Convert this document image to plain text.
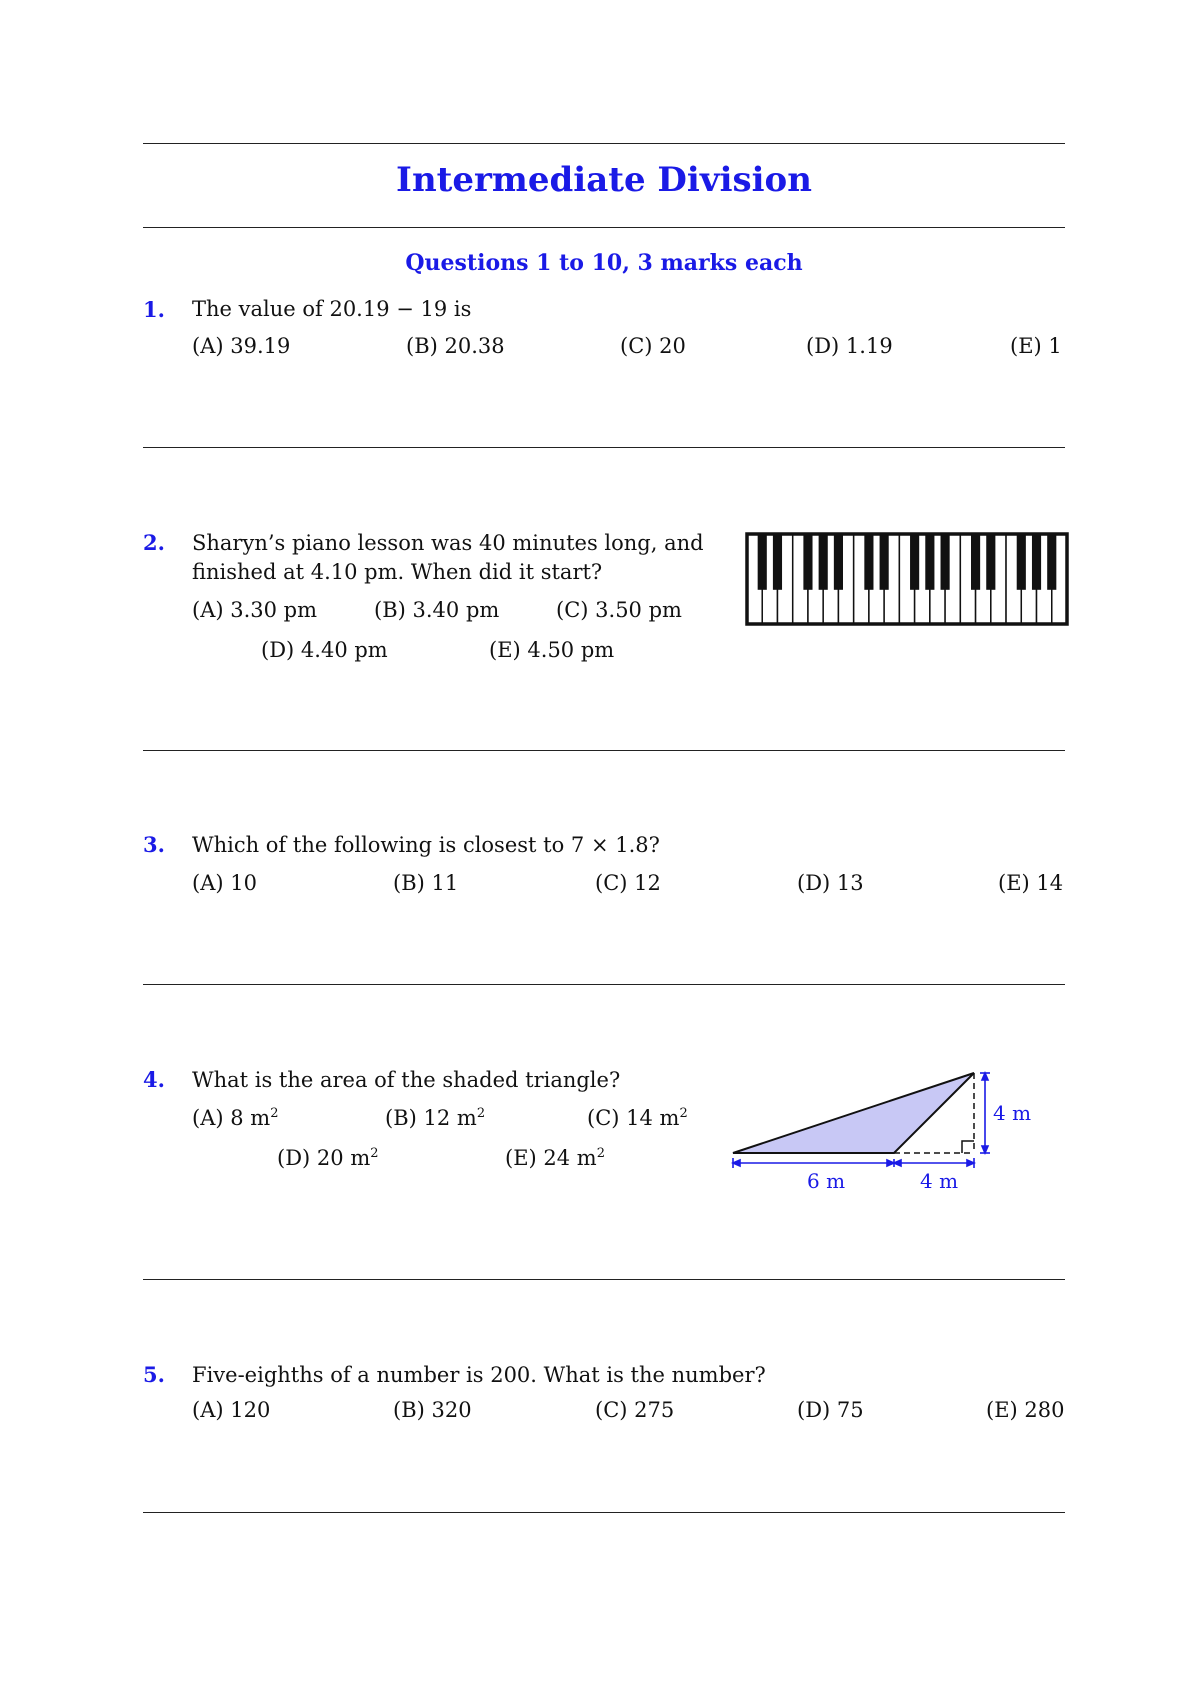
Intermediate Division
Questions 1 to 10, 3 marks each
1. The value of 20.19 − 19 is
(A) 39.19	(B) 20.38	(C) 20	(D) 1.19	(E) 1
2. Sharyn’s piano lesson was 40 minutes long, and
finished at 4.10 pm. When did it start?
(A) 3.30 pm	(B) 3.40 pm	(C) 3.50 pm
(D) 4.40 pm	(E) 4.50 pm
3. Which of the following is closest to 7 × 1.8?
(A) 10	(B) 11	(C) 12	(D) 13	(E) 14
4. What is the area of the shaded triangle?
(A) 8 $m^2$	(B) 12 $m^2$	(C) 14 $m^2$
(D) 20 $m^2$	(E) 24 $m^2$
6 m	4 m
4 m
5. Five-eighths of a number is 200. What is the number?
(A) 120	(B) 320	(C) 275	(D) 75	(E) 280
